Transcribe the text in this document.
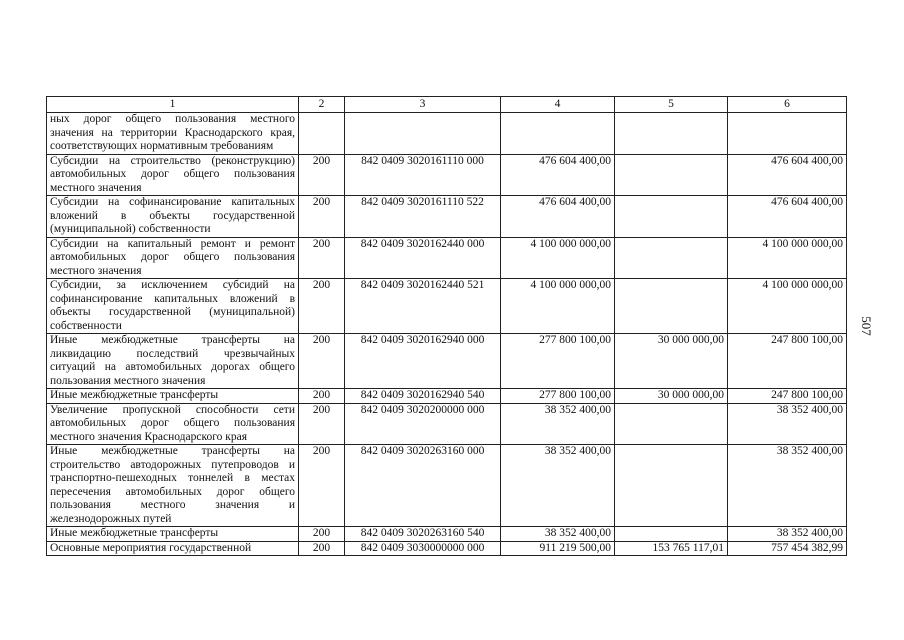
1	2	3	4	5	6
ных дорог общего пользования местного значения на территории Краснодарского края, соответствующих нормативным требованиям					
Субсидии на строительство (реконструкцию) автомобильных дорог общего пользования местного значения	200	842 0409 3020161110 000	476 604 400,00		476 604 400,00
Субсидии на софинансирование капитальных вложений в объекты государственной (муниципальной) собственности	200	842 0409 3020161110 522	476 604 400,00		476 604 400,00
Субсидии на капитальный ремонт и ремонт автомобильных дорог общего пользования местного значения	200	842 0409 3020162440 000	4 100 000 000,00		4 100 000 000,00
Субсидии, за исключением субсидий на софинансирование капитальных вложений в объекты государственной (муниципальной) собственности	200	842 0409 3020162440 521	4 100 000 000,00		4 100 000 000,00
Иные межбюджетные трансферты на ликвидацию последствий чрезвычайных ситуаций на автомобильных дорогах общего пользования местного значения	200	842 0409 3020162940 000	277 800 100,00	30 000 000,00	247 800 100,00
Иные межбюджетные трансферты	200	842 0409 3020162940 540	277 800 100,00	30 000 000,00	247 800 100,00
Увеличение пропускной способности сети автомобильных дорог общего пользования местного значения Краснодарского края	200	842 0409 3020200000 000	38 352 400,00		38 352 400,00
Иные межбюджетные трансферты на строительство автодорожных путепроводов и транспортно-пешеходных тоннелей в местах пересечения автомобильных дорог общего пользования местного значения и железнодорожных путей	200	842 0409 3020263160 000	38 352 400,00		38 352 400,00
Иные межбюджетные трансферты	200	842 0409 3020263160 540	38 352 400,00		38 352 400,00
Основные мероприятия государственной	200	842 0409 3030000000 000	911 219 500,00	153 765 117,01	757 454 382,99
507
